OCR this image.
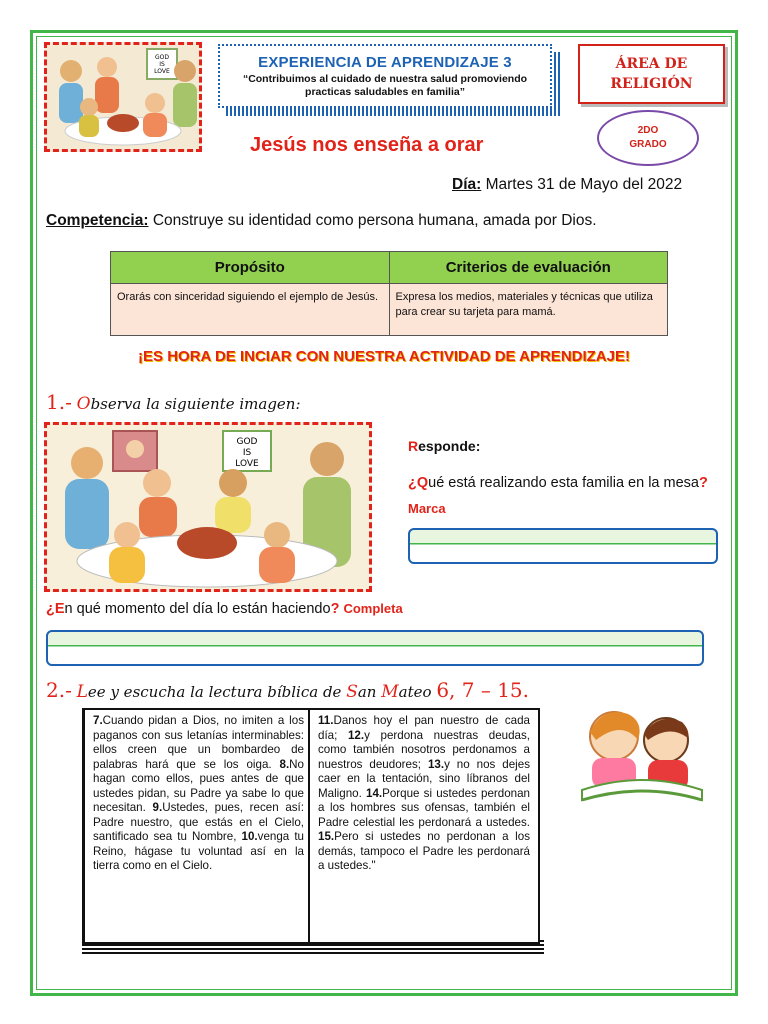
GOD
IS
LOVE
EXPERIENCIA DE APRENDIZAJE 3
“Contribuimos al cuidado de nuestra salud promoviendo practicas saludables en familia”
ÁREA DE
RELIGIÓN
2DO
GRADO
Jesús nos enseña a orar
Día: Martes 31 de Mayo del 2022
Competencia: Construye su identidad como persona humana, amada por Dios.
Propósito	Criterios de evaluación
Orarás con sinceridad siguiendo el ejemplo de Jesús.	Expresa los medios, materiales y técnicas que utiliza para crear su tarjeta para mamá.
¡ES HORA DE INCIAR CON NUESTRA ACTIVIDAD DE APRENDIZAJE!
1.- Observa la siguiente imagen:
GOD
IS
LOVE
Responde:
¿Qué está realizando esta familia en la mesa? Marca
¿En qué momento del día lo están haciendo? Completa
2.- Lee y escucha la lectura bíblica de San Mateo 6, 7 – 15.
7.Cuando pidan a Dios, no imiten a los paganos con sus letanías interminables: ellos creen que un bombardeo de palabras hará que se los oiga. 8.No hagan como ellos, pues antes de que ustedes pidan, su Padre ya sabe lo que necesitan. 9.Ustedes, pues, recen así: Padre nuestro, que estás en el Cielo, santificado sea tu Nombre, 10.venga tu Reino, hágase tu voluntad así en la tierra como en el Cielo.
11.Danos hoy el pan nuestro de cada día; 12.y perdona nuestras deudas, como también nosotros perdonamos a nuestros deudores; 13.y no nos dejes caer en la tentación, sino líbranos del Maligno. 14.Porque si ustedes perdonan a los hombres sus ofensas, también el Padre celestial les perdonará a ustedes. 15.Pero si ustedes no perdonan a los demás, tampoco el Padre les perdonará a ustedes."
